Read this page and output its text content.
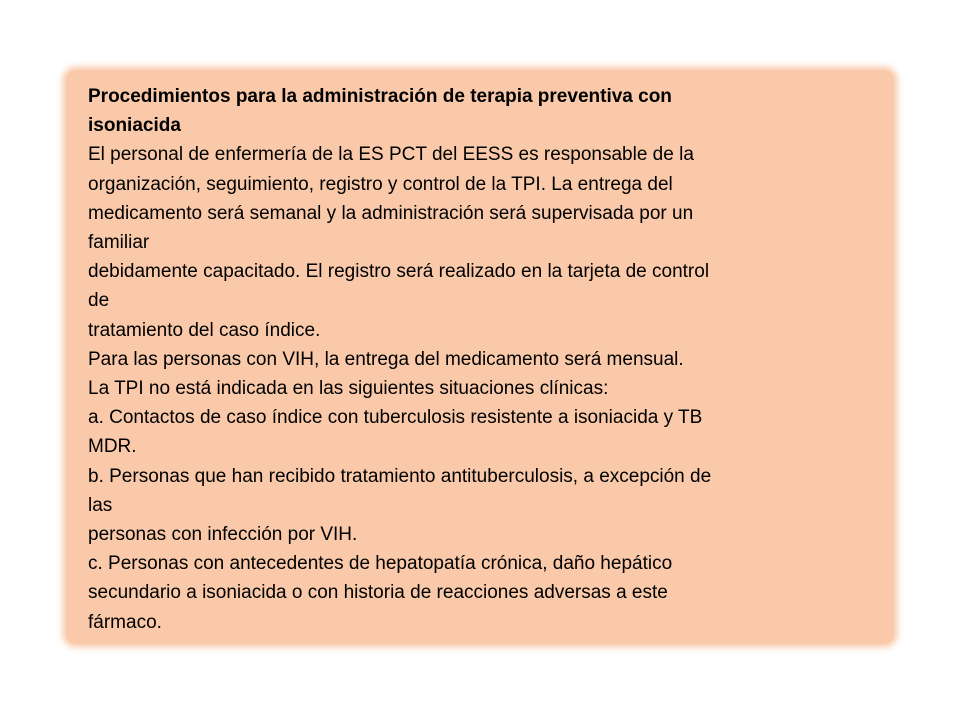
Procedimientos para la administración de terapia preventiva con
isoniacida
El personal de enfermería de la ES PCT del EESS es responsable de la
organización, seguimiento, registro y control de la TPI. La entrega del
medicamento será semanal y la administración será supervisada por un
familiar
debidamente capacitado. El registro será realizado en la tarjeta de control
de
tratamiento del caso índice.
Para las personas con VIH, la entrega del medicamento será mensual.
La TPI no está indicada en las siguientes situaciones clínicas:
a. Contactos de caso índice con tuberculosis resistente a isoniacida y TB
MDR.
b. Personas que han recibido tratamiento antituberculosis, a excepción de
las
personas con infección por VIH.
c. Personas con antecedentes de hepatopatía crónica, daño hepático
secundario a isoniacida o con historia de reacciones adversas a este
fármaco.
